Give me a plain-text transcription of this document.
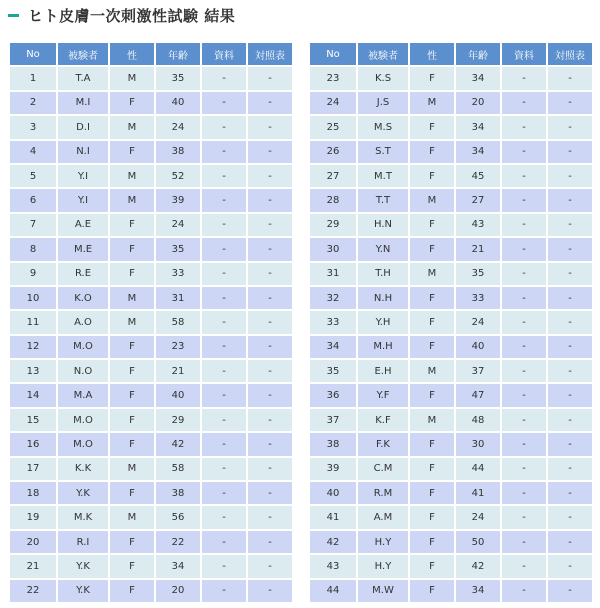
ヒト皮膚一次刺激性試験 結果
No	被験者	性	年齢	資料	対照表
1	T.A	M	35	-	-
2	M.I	F	40	-	-
3	D.I	M	24	-	-
4	N.I	F	38	-	-
5	Y.I	M	52	-	-
6	Y.I	M	39	-	-
7	A.E	F	24	-	-
8	M.E	F	35	-	-
9	R.E	F	33	-	-
10	K.O	M	31	-	-
11	A.O	M	58	-	-
12	M.O	F	23	-	-
13	N.O	F	21	-	-
14	M.A	F	40	-	-
15	M.O	F	29	-	-
16	M.O	F	42	-	-
17	K.K	M	58	-	-
18	Y.K	F	38	-	-
19	M.K	M	56	-	-
20	R.I	F	22	-	-
21	Y.K	F	34	-	-
22	Y.K	F	20	-	-
No	被験者	性	年齢	資料	対照表
23	K.S	F	34	-	-
24	J.S	M	20	-	-
25	M.S	F	34	-	-
26	S.T	F	34	-	-
27	M.T	F	45	-	-
28	T.T	M	27	-	-
29	H.N	F	43	-	-
30	Y.N	F	21	-	-
31	T.H	M	35	-	-
32	N.H	F	33	-	-
33	Y.H	F	24	-	-
34	M.H	F	40	-	-
35	E.H	M	37	-	-
36	Y.F	F	47	-	-
37	K.F	M	48	-	-
38	F.K	F	30	-	-
39	C.M	F	44	-	-
40	R.M	F	41	-	-
41	A.M	F	24	-	-
42	H.Y	F	50	-	-
43	H.Y	F	42	-	-
44	M.W	F	34	-	-
